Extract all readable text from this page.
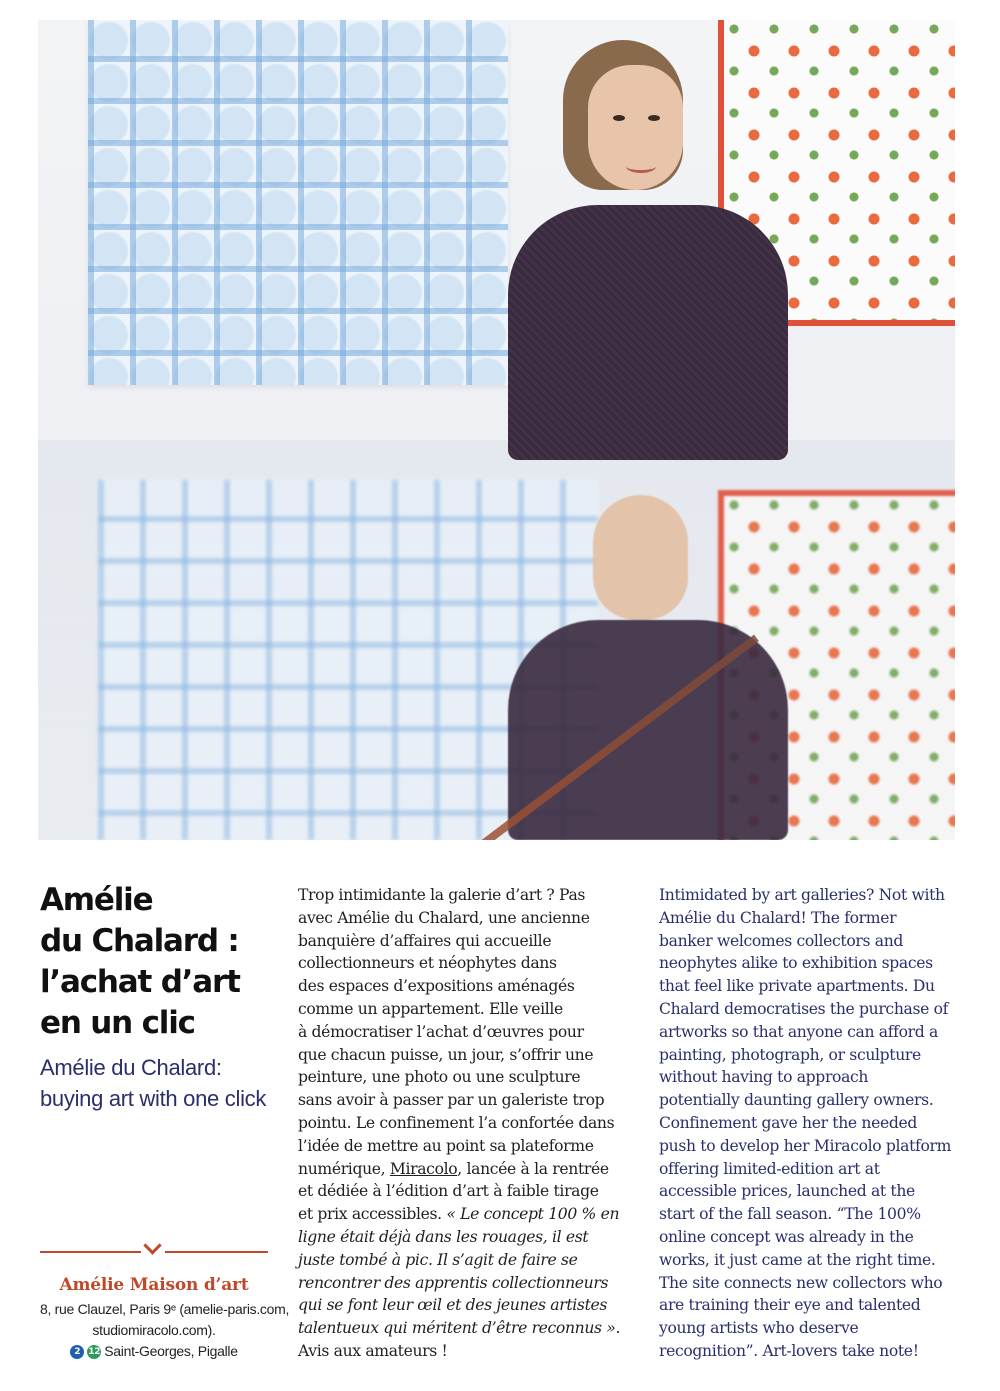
Amélie
du Chalard :
l’achat d’art
en un clic
Amélie du Chalard:
buying art with one click
Amélie Maison d’art
8, rue Clauzel, Paris 9ᵉ (amelie-paris.com,
studiomiracolo.com).
2 12 Saint-Georges, Pigalle
Trop intimidante la galerie d’art ? Pas
avec Amélie du Chalard, une ancienne
banquière d’affaires qui accueille
collectionneurs et néophytes dans
des espaces d’expositions aménagés
comme un appartement. Elle veille
à démocratiser l’achat d’œuvres pour
que chacun puisse, un jour, s’offrir une
peinture, une photo ou une sculpture
sans avoir à passer par un galeriste trop
pointu. Le confinement l’a confortée dans
l’idée de mettre au point sa plateforme
numérique, Miracolo, lancée à la rentrée
et dédiée à l’édition d’art à faible tirage
et prix accessibles. « Le concept 100 % en
ligne était déjà dans les rouages, il est
juste tombé à pic. Il s’agit de faire se
rencontrer des apprentis collectionneurs
qui se font leur œil et des jeunes artistes
talentueux qui méritent d’être reconnus ».
Avis aux amateurs !
Intimidated by art galleries? Not with
Amélie du Chalard! The former
banker welcomes collectors and
neophytes alike to exhibition spaces
that feel like private apartments. Du
Chalard democratises the purchase of
artworks so that anyone can afford a
painting, photograph, or sculpture
without having to approach
potentially daunting gallery owners.
Confinement gave her the needed
push to develop her Miracolo platform
offering limited-edition art at
accessible prices, launched at the
start of the fall season. “The 100%
online concept was already in the
works, it just came at the right time.
The site connects new collectors who
are training their eye and talented
young artists who deserve
recognition”. Art-lovers take note!
